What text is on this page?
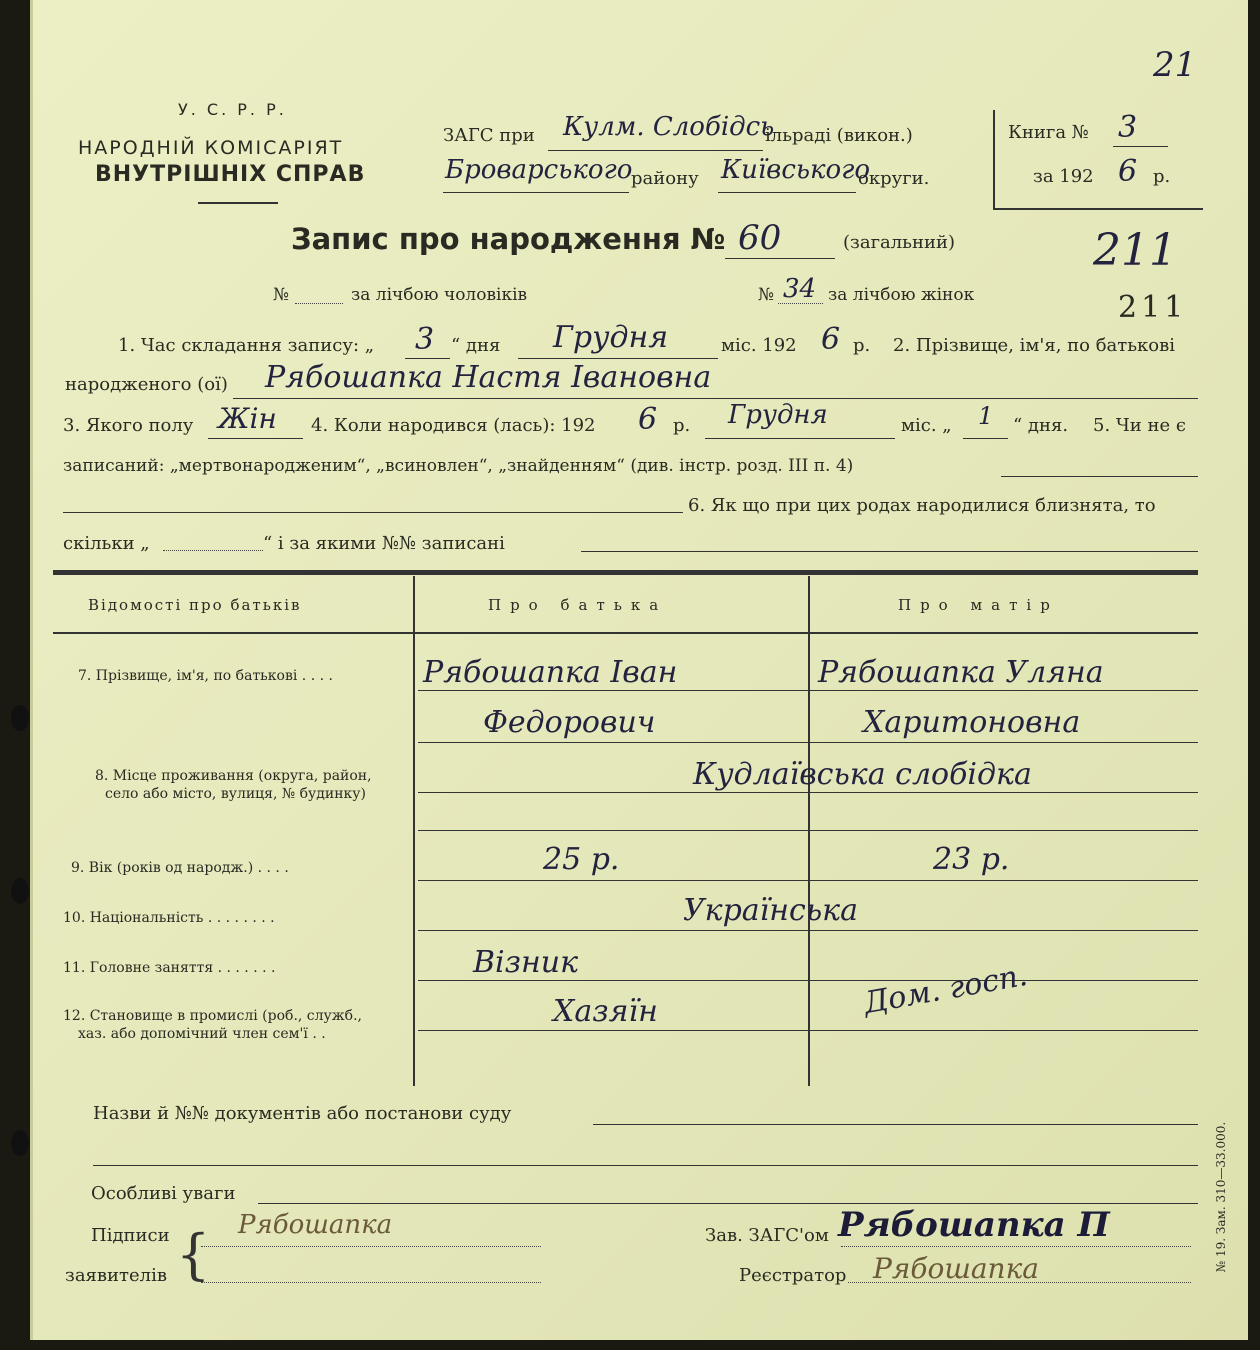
21
У. С. Р. Р.
НАРОДНІЙ КОМІСАРІЯТ
ВНУТРІШНІХ СПРАВ
ЗАГС при Кулм. Слобідсь
ільраді (викон.)
Броварського
району Київського
округи.
Книга № 3
за 192 6 р.
Запис про народження № 60	(загальний)	211
211
№	за лічбою чоловіків	№ 34 за лічбою жінок
1. Час складання запису: „ 3 “ дня Грудня	міс. 192 6 р. 2. Прізвище, ім'я, по батькові
народженого (ої) Рябошапка Настя Івановна
3. Якого полу Жін 4. Коли народився (лась): 192 6 р. Грудня	міс. „ 1 “ дня. 5. Чи не є
записаний: „мертвонародженим“, „всиновлен“, „знайденням“ (див. інстр. розд. III п. 4)
6. Як що при цих родах народилися близнята, то
скільки „	“ і за якими №№ записані
Відомості про батьків	Про батька	Про матір
7. Прізвище, ім'я, по батькові . . . .	Рябошапка Іван	Рябошапка Уляна
Федорович	Харитоновна
8. Місце проживання (округа, район,
село або місто, вулиця, № будинку)
Кудлаївська слобідка
9. Вік (років од народж.) . . . .	25 р.	23 р.
10. Національність . . . . . . . .	Українська
11. Головне заняття . . . . . . .	Візник	Дом. госп.
12. Становище в промислі (роб., служб.,
хаз. або допомічний член сем'ї . .
Хазяїн
Назви й №№ документів або постанови суду
Особливі уваги
Підписи
заявителів { Рябошапка	Зав. ЗАГС'ом Рябошапка П
Реєстратор Рябошапка	№ 19. Зам. 310—33.000.
